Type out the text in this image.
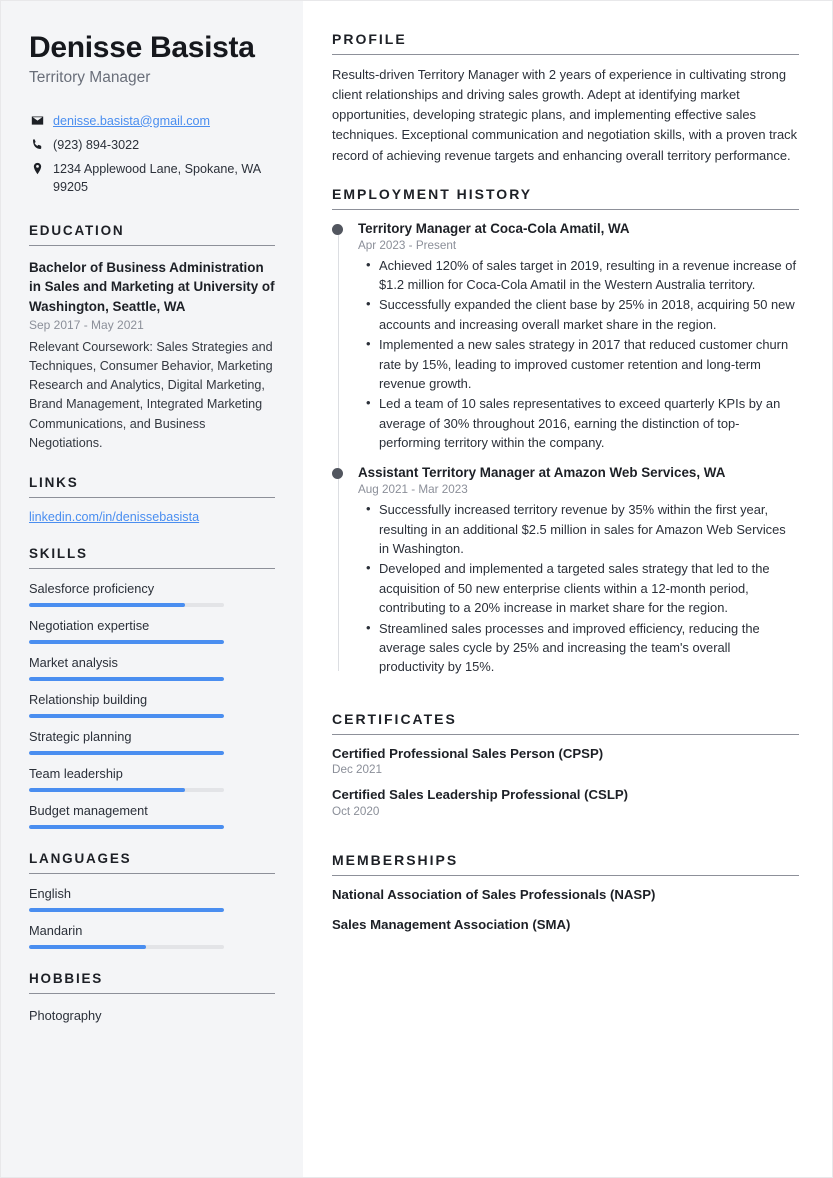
Denisse Basista
Territory Manager
denisse.basista@gmail.com
(923) 894-3022
1234 Applewood Lane, Spokane, WA 99205
EDUCATION
Bachelor of Business Administration in Sales and Marketing at University of Washington, Seattle, WA
Sep 2017 - May 2021
Relevant Coursework: Sales Strategies and Techniques, Consumer Behavior, Marketing Research and Analytics, Digital Marketing, Brand Management, Integrated Marketing Communications, and Business Negotiations.
LINKS
linkedin.com/in/denissebasista
SKILLS
Salesforce proficiency
Negotiation expertise
Market analysis
Relationship building
Strategic planning
Team leadership
Budget management
LANGUAGES
English
Mandarin
HOBBIES
Photography
PROFILE

Results-driven Territory Manager with 2 years of experience in cultivating strong client relationships and driving sales growth. Adept at identifying market opportunities, developing strategic plans, and implementing effective sales techniques. Exceptional communication and negotiation skills, with a proven track record of achieving revenue targets and enhancing overall territory performance.

EMPLOYMENT HISTORY
Territory Manager at Coca-Cola Amatil, WA
Apr 2023 - Present
• Achieved 120% of sales target in 2019, resulting in a revenue increase of $1.2 million for Coca-Cola Amatil in the Western Australia territory.
• Successfully expanded the client base by 25% in 2018, acquiring 50 new accounts and increasing overall market share in the region.
• Implemented a new sales strategy in 2017 that reduced customer churn rate by 15%, leading to improved customer retention and long-term revenue growth.
• Led a team of 10 sales representatives to exceed quarterly KPIs by an average of 30% throughout 2016, earning the distinction of top-performing territory within the company.
Assistant Territory Manager at Amazon Web Services, WA
Aug 2021 - Mar 2023
• Successfully increased territory revenue by 35% within the first year, resulting in an additional $2.5 million in sales for Amazon Web Services in Washington.
• Developed and implemented a targeted sales strategy that led to the acquisition of 50 new enterprise clients within a 12-month period, contributing to a 20% increase in market share for the region.
• Streamlined sales processes and improved efficiency, reducing the average sales cycle by 25% and increasing the team's overall productivity by 15%.
CERTIFICATES
Certified Professional Sales Person (CPSP)
Dec 2021
Certified Sales Leadership Professional (CSLP)
Oct 2020
MEMBERSHIPS
National Association of Sales Professionals (NASP)
Sales Management Association (SMA)
